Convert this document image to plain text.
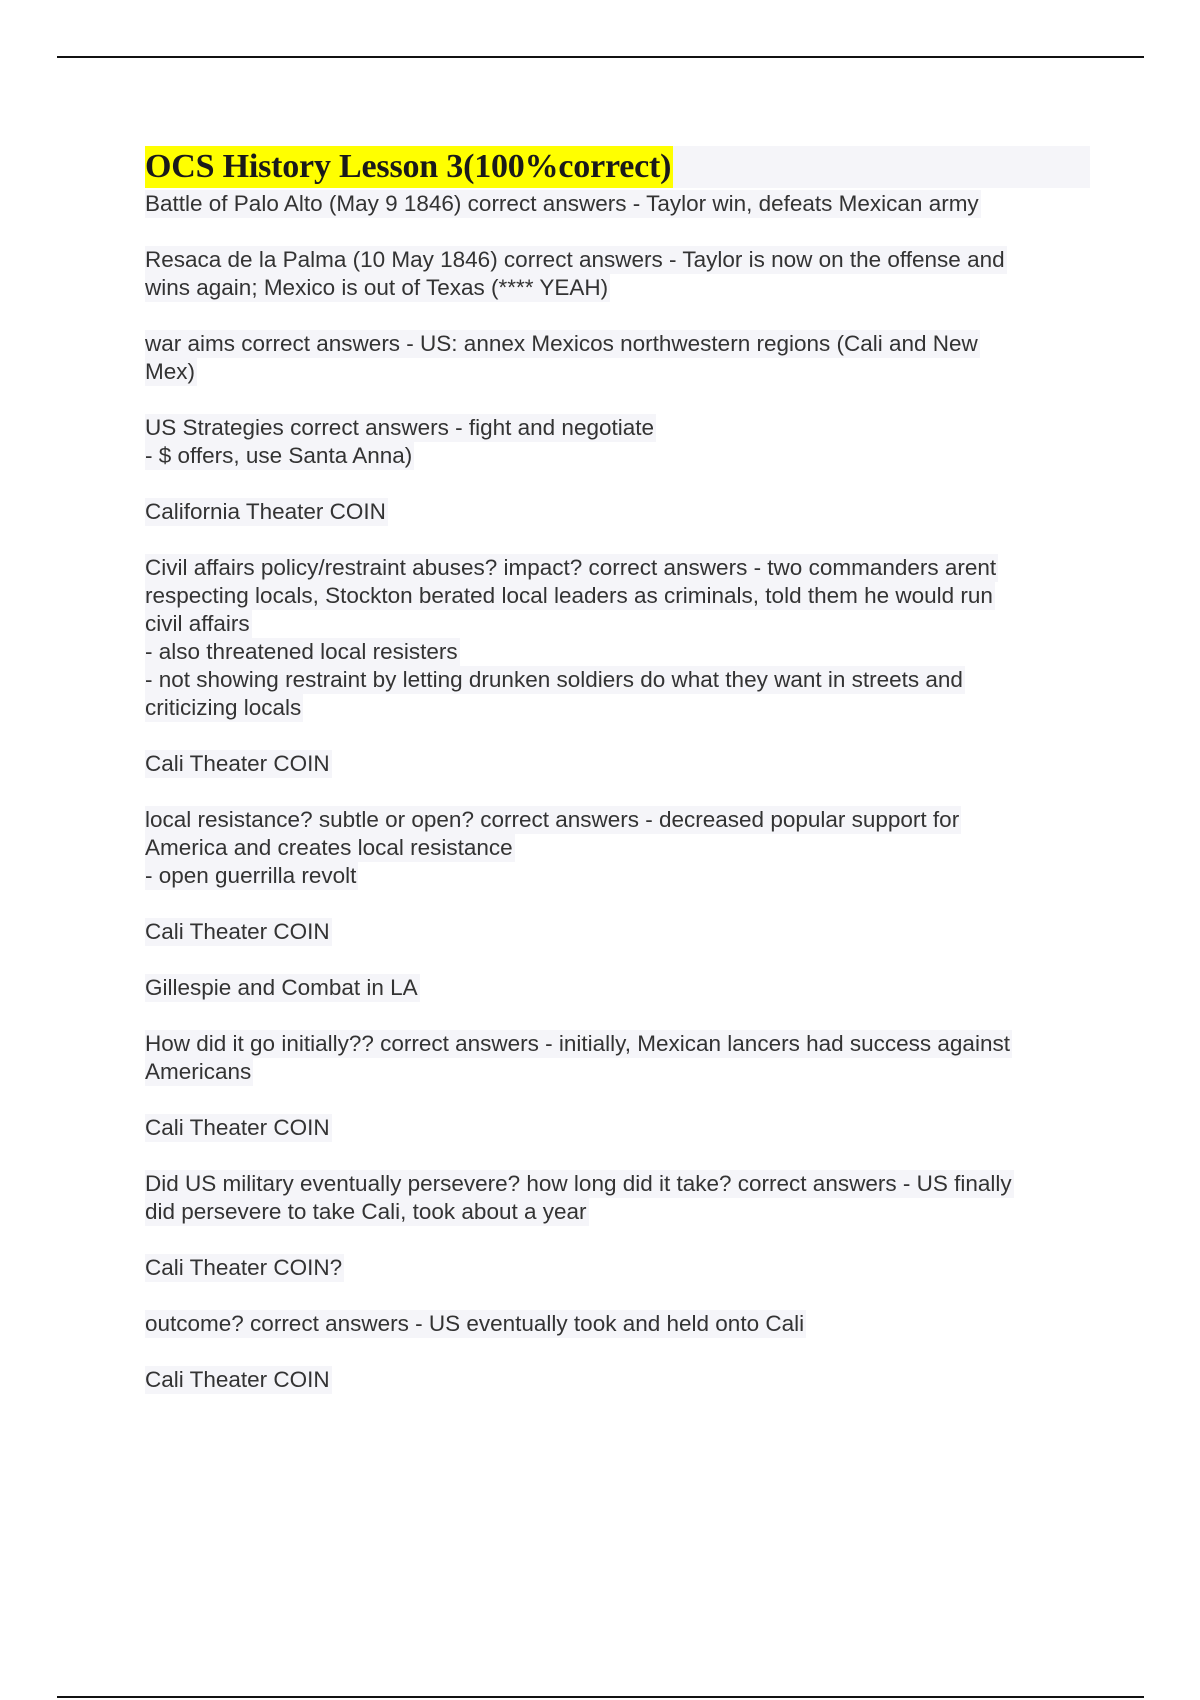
OCS History Lesson 3(100%correct)
Battle of Palo Alto (May 9 1846) correct answers - Taylor win, defeats Mexican army
Resaca de la Palma (10 May 1846) correct answers - Taylor is now on the offense and
wins again; Mexico is out of Texas (**** YEAH)
war aims correct answers - US: annex Mexicos northwestern regions (Cali and New
Mex)
US Strategies correct answers - fight and negotiate
- $ offers, use Santa Anna)
California Theater COIN
Civil affairs policy/restraint abuses? impact? correct answers - two commanders arent
respecting locals, Stockton berated local leaders as criminals, told them he would run
civil affairs
- also threatened local resisters
- not showing restraint by letting drunken soldiers do what they want in streets and
criticizing locals
Cali Theater COIN
local resistance? subtle or open? correct answers - decreased popular support for
America and creates local resistance
- open guerrilla revolt
Cali Theater COIN
Gillespie and Combat in LA
How did it go initially?? correct answers - initially, Mexican lancers had success against
Americans
Cali Theater COIN
Did US military eventually persevere? how long did it take? correct answers - US finally
did persevere to take Cali, took about a year
Cali Theater COIN?
outcome? correct answers - US eventually took and held onto Cali
Cali Theater COIN
